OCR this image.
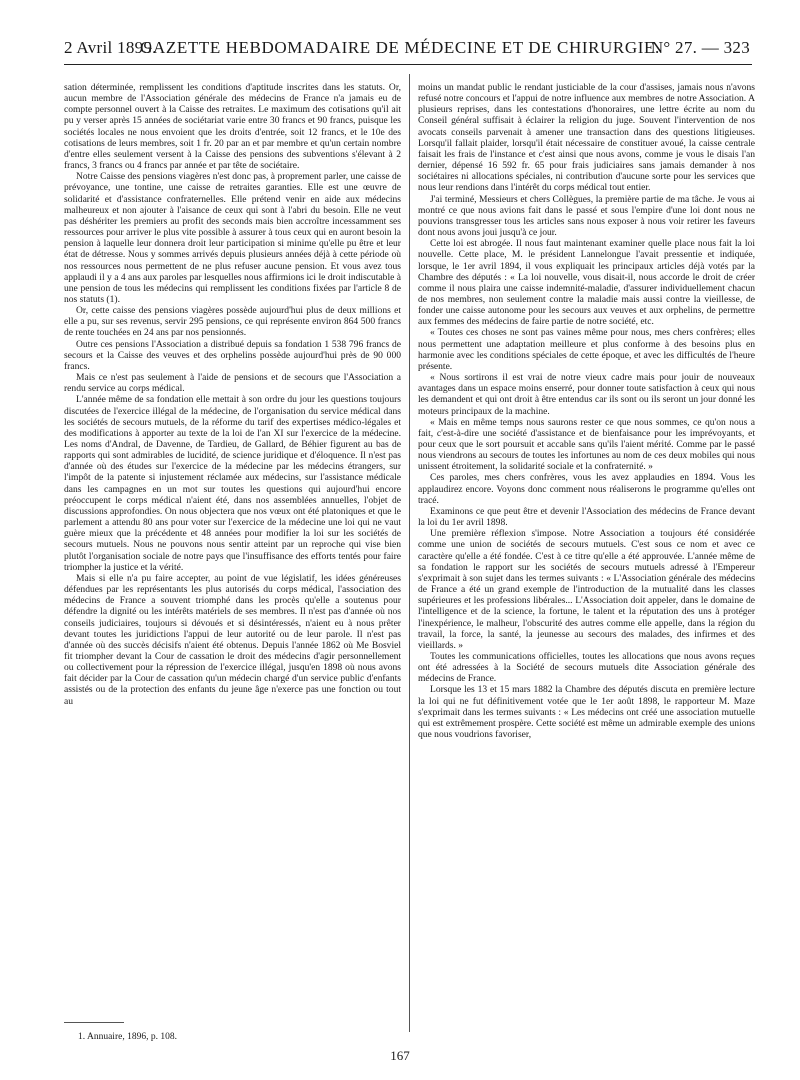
2 Avril 1899.
GAZETTE HEBDOMADAIRE DE MÉDECINE ET DE CHIRURGIE.
N° 27. — 323

sation déterminée, remplissent les conditions d'aptitude inscrites dans les statuts. Or, aucun membre de l'Association générale des médecins de France n'a jamais eu de compte personnel ouvert à la Caisse des retraites. Le maximum des cotisations qu'il ait pu y verser après 15 années de sociétariat varie entre 30 francs et 90 francs, puisque les sociétés locales ne nous envoient que les droits d'entrée, soit 12 francs, et le 10e des cotisations de leurs membres, soit 1 fr. 20 par an et par membre et qu'un certain nombre d'entre elles seulement versent à la Caisse des pensions des subventions s'élevant à 2 francs, 3 francs ou 4 francs par année et par tête de sociétaire.

Notre Caisse des pensions viagères n'est donc pas, à proprement parler, une caisse de prévoyance, une tontine, une caisse de retraites garanties. Elle est une œuvre de solidarité et d'assistance confraternelles. Elle prétend venir en aide aux médecins malheureux et non ajouter à l'aisance de ceux qui sont à l'abri du besoin. Elle ne veut pas déshériter les premiers au profit des seconds mais bien accroître incessamment ses ressources pour arriver le plus vite possible à assurer à tous ceux qui en auront besoin la pension à laquelle leur donnera droit leur participation si minime qu'elle pu être et leur état de détresse. Nous y sommes arrivés depuis plusieurs années déjà à cette période où nos ressources nous permettent de ne plus refuser aucune pension. Et vous avez tous applaudi il y a 4 ans aux paroles par lesquelles nous affirmions ici le droit indiscutable à une pension de tous les médecins qui remplissent les conditions fixées par l'article 8 de nos statuts (1).

Or, cette caisse des pensions viagères possède aujourd'hui plus de deux millions et elle a pu, sur ses revenus, servir 295 pensions, ce qui représente environ 864 500 francs de rente touchées en 24 ans par nos pensionnés.

Outre ces pensions l'Association a distribué depuis sa fondation 1 538 796 francs de secours et la Caisse des veuves et des orphelins possède aujourd'hui près de 90 000 francs.

Mais ce n'est pas seulement à l'aide de pensions et de secours que l'Association a rendu service au corps médical.

L'année même de sa fondation elle mettait à son ordre du jour les questions toujours discutées de l'exercice illégal de la médecine, de l'organisation du service médical dans les sociétés de secours mutuels, de la réforme du tarif des expertises médico-légales et des modifications à apporter au texte de la loi de l'an XI sur l'exercice de la médecine. Les noms d'Andral, de Davenne, de Tardieu, de Gallard, de Béhier figurent au bas de rapports qui sont admirables de lucidité, de science juridique et d'éloquence. Il n'est pas d'année où des études sur l'exercice de la médecine par les médecins étrangers, sur l'impôt de la patente si injustement réclamée aux médecins, sur l'assistance médicale dans les campagnes en un mot sur toutes les questions qui aujourd'hui encore préoccupent le corps médical n'aient été, dans nos assemblées annuelles, l'objet de discussions approfondies. On nous objectera que nos vœux ont été platoniques et que le parlement a attendu 80 ans pour voter sur l'exercice de la médecine une loi qui ne vaut guère mieux que la précédente et 48 années pour modifier la loi sur les sociétés de secours mutuels. Nous ne pouvons nous sentir atteint par un reproche qui vise bien plutôt l'organisation sociale de notre pays que l'insuffisance des efforts tentés pour faire triompher la justice et la vérité.

Mais si elle n'a pu faire accepter, au point de vue législatif, les idées généreuses défendues par les représentants les plus autorisés du corps médical, l'association des médecins de France a souvent triomphé dans les procès qu'elle a soutenus pour défendre la dignité ou les intérêts matériels de ses membres. Il n'est pas d'année où nos conseils judiciaires, toujours si dévoués et si désintéressés, n'aient eu à nous prêter devant toutes les juridictions l'appui de leur autorité ou de leur parole. Il n'est pas d'année où des succès décisifs n'aient été obtenus. Depuis l'année 1862 où Me Bosviel fit triompher devant la Cour de cassation le droit des médecins d'agir personnellement ou collectivement pour la répression de l'exercice illégal, jusqu'en 1898 où nous avons fait décider par la Cour de cassation qu'un médecin chargé d'un service public d'enfants assistés ou de la protection des enfants du jeune âge n'exerce pas une fonction ou tout au

moins un mandat public le rendant justiciable de la cour d'assises, jamais nous n'avons refusé notre concours et l'appui de notre influence aux membres de notre Association. A plusieurs reprises, dans les contestations d'honoraires, une lettre écrite au nom du Conseil général suffisait à éclairer la religion du juge. Souvent l'intervention de nos avocats conseils parvenait à amener une transaction dans des questions litigieuses. Lorsqu'il fallait plaider, lorsqu'il était nécessaire de constituer avoué, la caisse centrale faisait les frais de l'instance et c'est ainsi que nous avons, comme je vous le disais l'an dernier, dépensé 16 592 fr. 65 pour frais judiciaires sans jamais demander à nos sociétaires ni allocations spéciales, ni contribution d'aucune sorte pour les services que nous leur rendions dans l'intérêt du corps médical tout entier.

J'ai terminé, Messieurs et chers Collègues, la première partie de ma tâche. Je vous ai montré ce que nous avions fait dans le passé et sous l'empire d'une loi dont nous ne pouvions transgresser tous les articles sans nous exposer à nous voir retirer les faveurs dont nous avons joui jusqu'à ce jour.

Cette loi est abrogée. Il nous faut maintenant examiner quelle place nous fait la loi nouvelle. Cette place, M. le président Lannelongue l'avait pressentie et indiquée, lorsque, le 1er avril 1894, il vous expliquait les principaux articles déjà votés par la Chambre des députés : « La loi nouvelle, vous disait-il, nous accorde le droit de créer comme il nous plaira une caisse indemnité-maladie, d'assurer individuellement chacun de nos membres, non seulement contre la maladie mais aussi contre la vieillesse, de fonder une caisse autonome pour les secours aux veuves et aux orphelins, de permettre aux femmes des médecins de faire partie de notre société, etc.

« Toutes ces choses ne sont pas vaines même pour nous, mes chers confrères; elles nous permettent une adaptation meilleure et plus conforme à des besoins plus en harmonie avec les conditions spéciales de cette époque, et avec les difficultés de l'heure présente.

« Nous sortirons il est vrai de notre vieux cadre mais pour jouir de nouveaux avantages dans un espace moins enserré, pour donner toute satisfaction à ceux qui nous les demandent et qui ont droit à être entendus car ils sont ou ils seront un jour donné les moteurs principaux de la machine.

« Mais en même temps nous saurons rester ce que nous sommes, ce qu'on nous a fait, c'est-à-dire une société d'assistance et de bienfaisance pour les imprévoyants, et pour ceux que le sort poursuit et accable sans qu'ils l'aient mérité. Comme par le passé nous viendrons au secours de toutes les infortunes au nom de ces deux mobiles qui nous unissent étroitement, la solidarité sociale et la confraternité. »

Ces paroles, mes chers confrères, vous les avez applaudies en 1894. Vous les applaudirez encore. Voyons donc comment nous réaliserons le programme qu'elles ont tracé.

Examinons ce que peut être et devenir l'Association des médecins de France devant la loi du 1er avril 1898.

Une première réflexion s'impose. Notre Association a toujours été considérée comme une union de sociétés de secours mutuels. C'est sous ce nom et avec ce caractère qu'elle a été fondée. C'est à ce titre qu'elle a été approuvée. L'année même de sa fondation le rapport sur les sociétés de secours mutuels adressé à l'Empereur s'exprimait à son sujet dans les termes suivants : « L'Association générale des médecins de France a été un grand exemple de l'introduction de la mutualité dans les classes supérieures et les professions libérales... L'Association doit appeler, dans le domaine de l'intelligence et de la science, la fortune, le talent et la réputation des uns à protéger l'inexpérience, le malheur, l'obscurité des autres comme elle appelle, dans la région du travail, la force, la santé, la jeunesse au secours des malades, des infirmes et des vieillards. »

Toutes les communications officielles, toutes les allocations que nous avons reçues ont été adressées à la Société de secours mutuels dite Association générale des médecins de France.

Lorsque les 13 et 15 mars 1882 la Chambre des députés discuta en première lecture la loi qui ne fut définitivement votée que le 1er août 1898, le rapporteur M. Maze s'exprimait dans les termes suivants : « Les médecins ont créé une association mutuelle qui est extrêmement prospère. Cette société est même un admirable exemple des unions que nous voudrions favoriser,

1. Annuaire, 1896, p. 108.
167
